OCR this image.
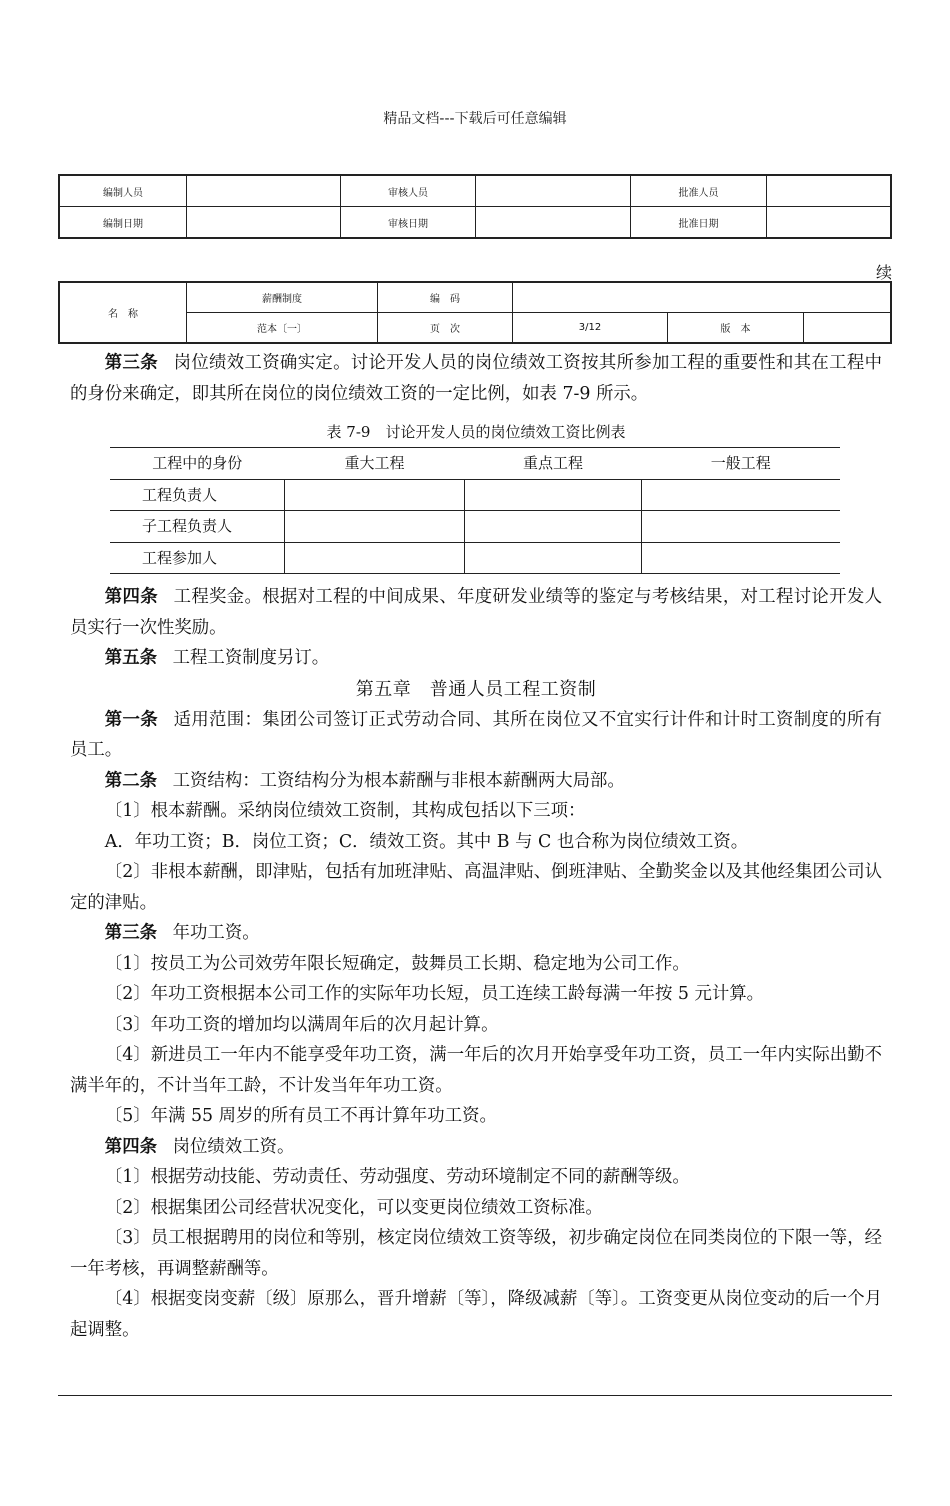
精品文档---下载后可任意编辑
编制人员		审核人员		批准人员	
编制日期		审核日期		批准日期	
续
名　称	薪酬制度	编　码			
	范本〔一〕	页　次	3/12	版　本	

第三条 岗位绩效工资确实定。讨论开发人员的岗位绩效工资按其所参加工程的重要性和其在工程中的身份来确定，即其所在岗位的岗位绩效工资的一定比例，如表 7-9 所示。

表 7-9　讨论开发人员的岗位绩效工资比例表
工程中的身份	重大工程	重点工程	一般工程
工程负责人			
子工程负责人			
工程参加人			

第四条 工程奖金。根据对工程的中间成果、年度研发业绩等的鉴定与考核结果，对工程讨论开发人员实行一次性奖励。

第五条 工程工资制度另订。

第五章　普通人员工程工资制

第一条 适用范围：集团公司签订正式劳动合同、其所在岗位又不宜实行计件和计时工资制度的所有员工。

第二条 工资结构：工资结构分为根本薪酬与非根本薪酬两大局部。

〔1〕根本薪酬。采纳岗位绩效工资制，其构成包括以下三项：

A．年功工资；B．岗位工资；C．绩效工资。其中 B 与 C 也合称为岗位绩效工资。

〔2〕非根本薪酬，即津贴，包括有加班津贴、高温津贴、倒班津贴、全勤奖金以及其他经集团公司认定的津贴。

第三条 年功工资。

〔1〕按员工为公司效劳年限长短确定，鼓舞员工长期、稳定地为公司工作。

〔2〕年功工资根据本公司工作的实际年功长短，员工连续工龄每满一年按 5 元计算。

〔3〕年功工资的增加均以满周年后的次月起计算。

〔4〕新进员工一年内不能享受年功工资，满一年后的次月开始享受年功工资，员工一年内实际出勤不满半年的，不计当年工龄，不计发当年年功工资。

〔5〕年满 55 周岁的所有员工不再计算年功工资。

第四条 岗位绩效工资。

〔1〕根据劳动技能、劳动责任、劳动强度、劳动环境制定不同的薪酬等级。

〔2〕根据集团公司经营状况变化，可以变更岗位绩效工资标准。

〔3〕员工根据聘用的岗位和等别，核定岗位绩效工资等级，初步确定岗位在同类岗位的下限一等，经一年考核，再调整薪酬等。

〔4〕根据变岗变薪〔级〕原那么，晋升增薪〔等〕，降级减薪〔等〕。工资变更从岗位变动的后一个月起调整。
